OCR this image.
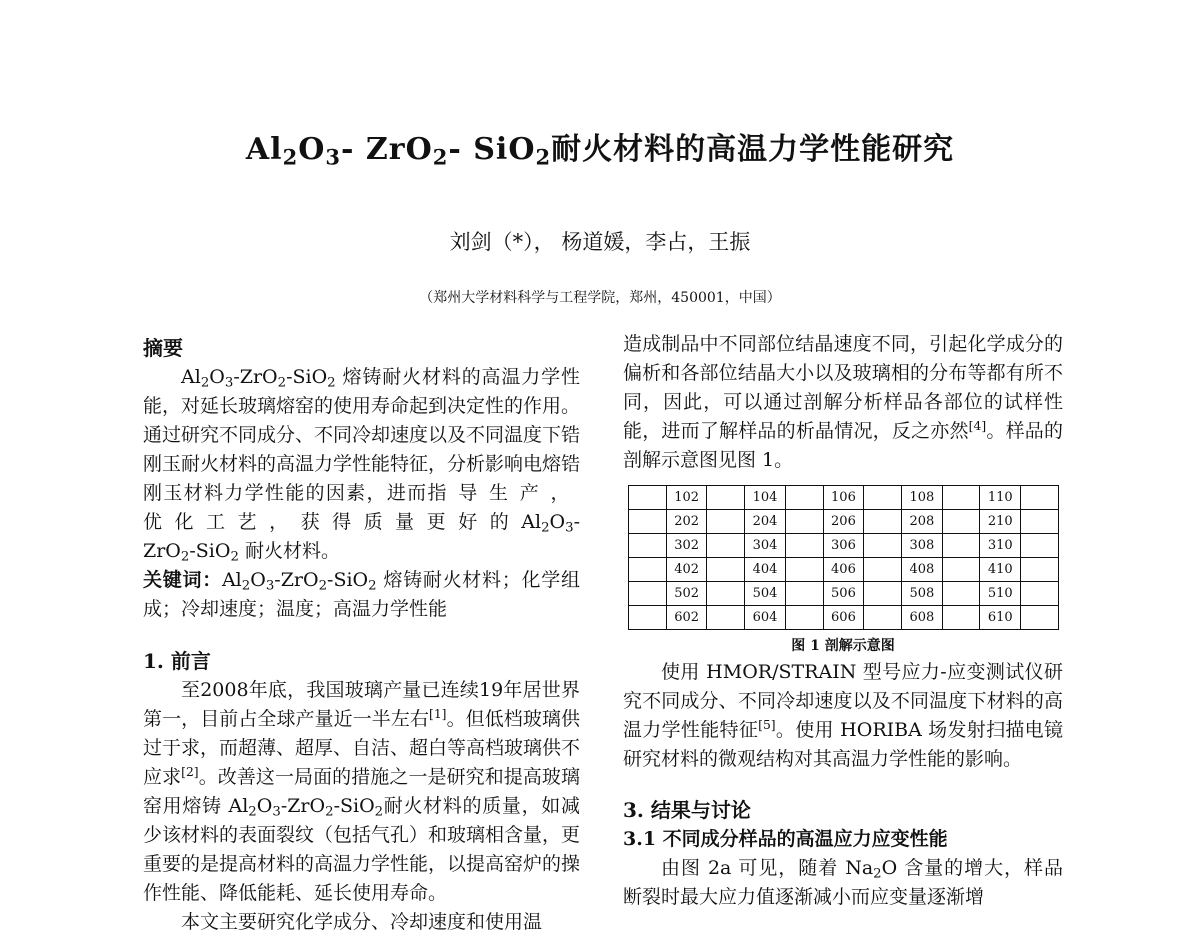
$Al_2O_3-$ ZrO$_2$- SiO$_2$耐火材料的高温力学性能研究
刘剑（*）， 杨道媛，李占，王振
（郑州大学材料科学与工程学院，郑州，450001，中国）

摘要

$Al_2O_3-ZrO_2-SiO_2$ 熔铸耐火材料的高温力学性能，对延长玻璃熔窑的使用寿命起到决定性的作用。通过研究不同成分、不同冷却速度以及不同温度下锆刚玉耐火材料的高温力学性能特征，分析影响电熔锆刚玉材料力学性能的因素，进而指导生产，优化工艺，获得质量更好的$Al_2O_3-ZrO_2-SiO_2$ 耐火材料。

关键词：$Al_2O_3-ZrO_2-SiO_2$ 熔铸耐火材料；化学组成；冷却速度；温度；高温力学性能

1. 前言

至2008年底，我国玻璃产量已连续19年居世界第一，目前占全球产量近一半左右[1]。但低档玻璃供过于求，而超薄、超厚、自洁、超白等高档玻璃供不应求[2]。改善这一局面的措施之一是研究和提高玻璃窑用熔铸 $Al_2O_3-ZrO_2-SiO_2$耐火材料的质量，如减少该材料的表面裂纹（包括气孔）和玻璃相含量，更重要的是提高材料的高温力学性能，以提高窑炉的操作性能、降低能耗、延长使用寿命。

本文主要研究化学成分、冷却速度和使用温

造成制品中不同部位结晶速度不同，引起化学成分的偏析和各部位结晶大小以及玻璃相的分布等都有所不同，因此，可以通过剖解分析样品各部位的试样性能，进而了解样品的析晶情况，反之亦然[4]。样品的剖解示意图见图 1。

	102		104		106		108		110	
	202		204		206		208		210	
	302		304		306		308		310	
	402		404		406		408		410	
	502		504		506		508		510	
	602		604		606		608		610	
图 1 剖解示意图

使用 HMOR/STRAIN 型号应力-应变测试仪研究不同成分、不同冷却速度以及不同温度下材料的高温力学性能特征[5]。使用 HORIBA 场发射扫描电镜研究材料的微观结构对其高温力学性能的影响。

3. 结果与讨论

3.1 不同成分样品的高温应力应变性能

由图 2a 可见，随着 $Na_2O$ 含量的增大，样品断裂时最大应力值逐渐减小而应变量逐渐增
